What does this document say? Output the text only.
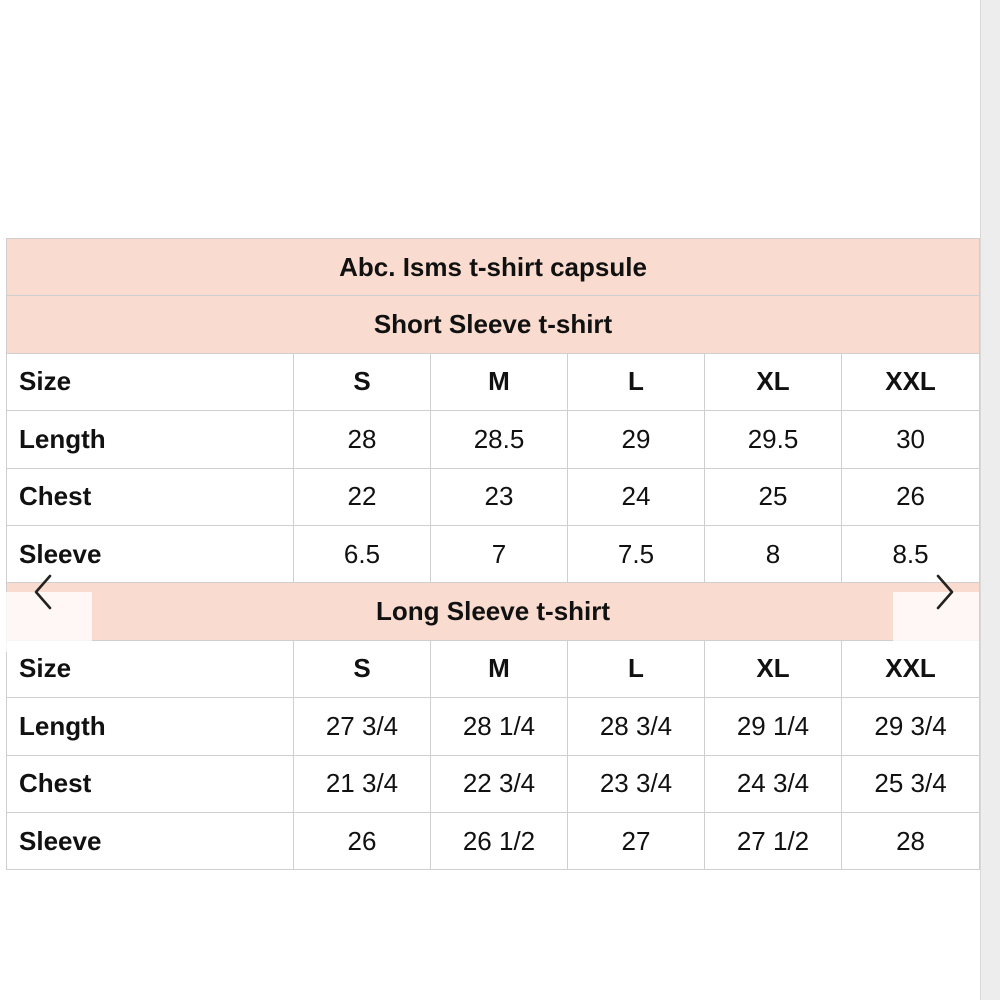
Abc. Isms t-shirt capsule					
Short Sleeve t-shirt					
Size	S	M	L	XL	XXL
Length	28	28.5	29	29.5	30
Chest	22	23	24	25	26
Sleeve	6.5	7	7.5	8	8.5
Long Sleeve t-shirt					
Size	S	M	L	XL	XXL
Length	27 3/4	28 1/4	28 3/4	29 1/4	29 3/4
Chest	21 3/4	22 3/4	23 3/4	24 3/4	25 3/4
Sleeve	26	26 1/2	27	27 1/2	28
